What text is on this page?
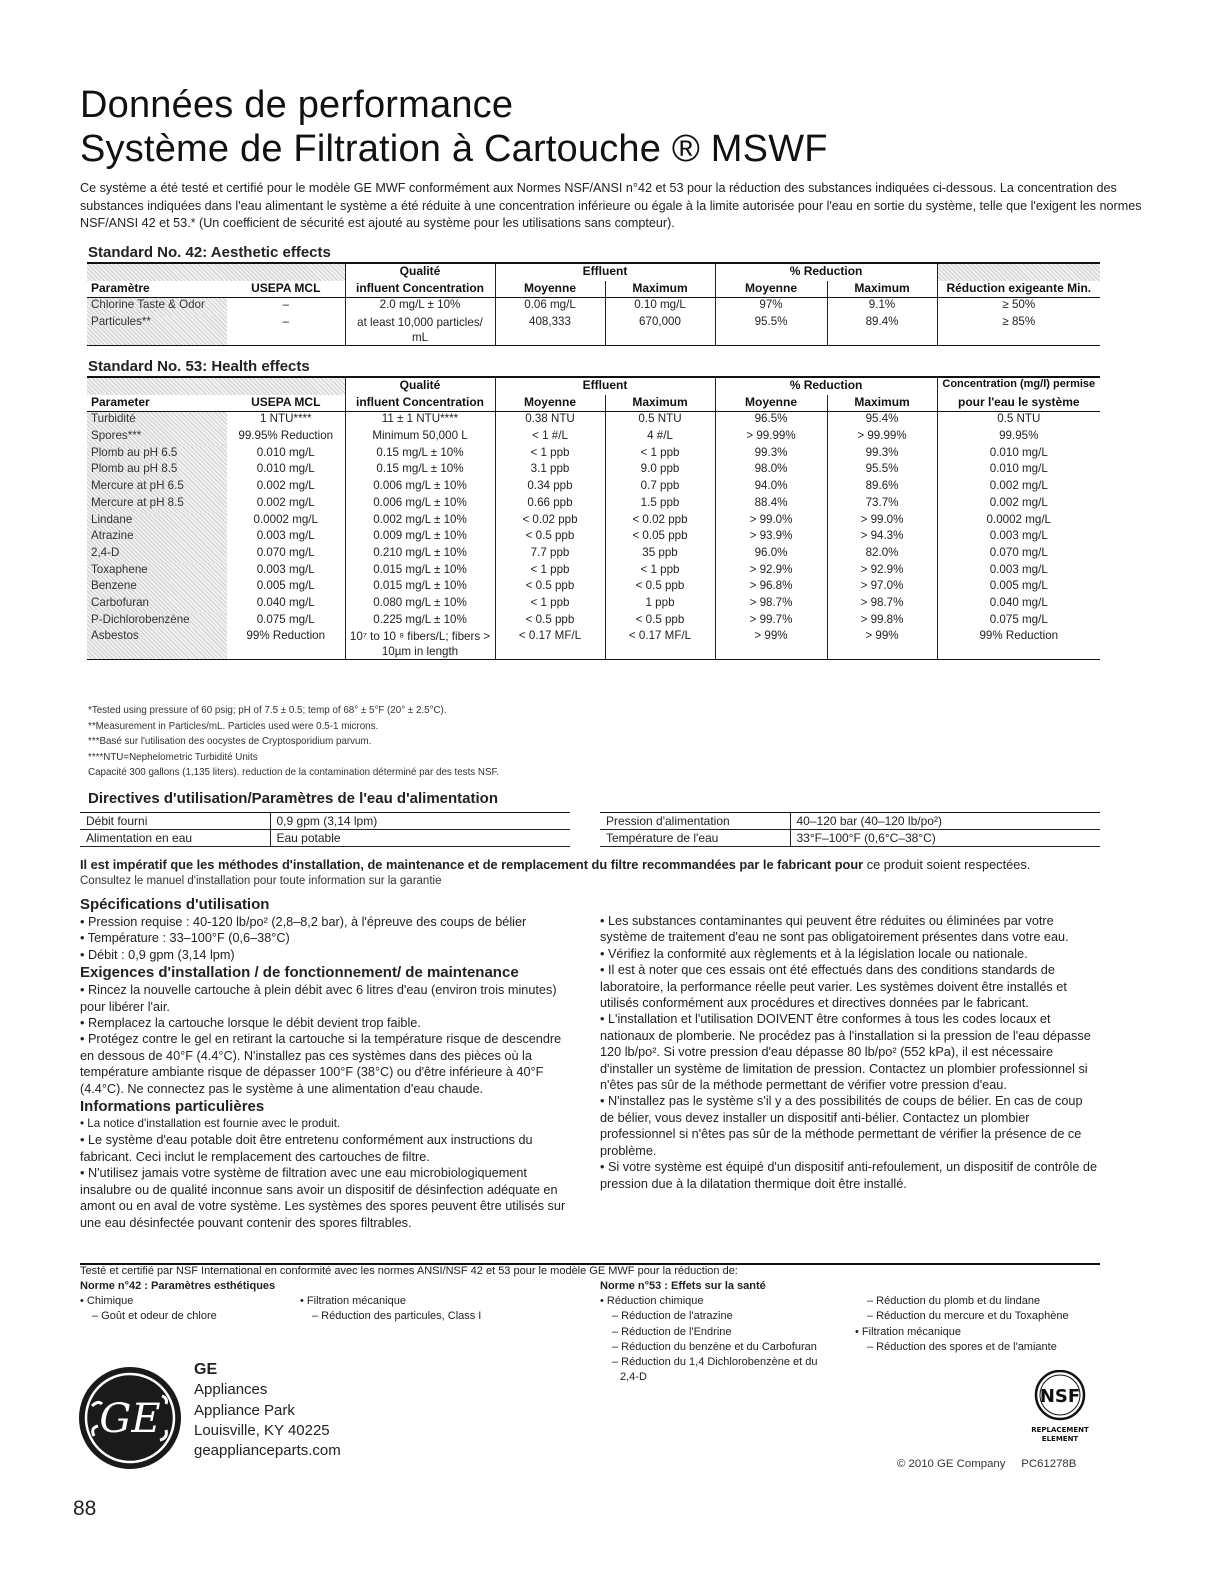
Données de performance
Système de Filtration à Cartouche ® MSWF

Ce système a été testé et certifié pour le modèle GE MWF conformément aux Normes NSF/ANSI n°42 et 53 pour la réduction des substances indiquées ci-dessous. La concentration des substances indiquées dans l'eau alimentant le système a été réduite à une concentration inférieure ou égale à la limite autorisée pour l'eau en sortie du système, telle que l'exigent les normes NSF/ANSI 42 et 53.* (Un coefficient de sécurité est ajouté au système pour les utilisations sans compteur).

Standard No. 42: Aesthetic effects
		Qualité	Effluent		% Reduction		
Paramètre	USEPA MCL	influent Concentration	Moyenne	Maximum	Moyenne	Maximum	Réduction exigeante Min.
Chlorine Taste & Odor	–	2.0 mg/L ± 10%	0.06 mg/L	0.10 mg/L	97%	9.1%	≥ 50%
Particules**	–	at least 10,000 particles/ mL	408,333	670,000	95.5%	89.4%	≥ 85%
Standard No. 53: Health effects
		Qualité	Effluent		% Reduction		Concentration (mg/l) permise
Parameter	USEPA MCL	influent Concentration	Moyenne	Maximum	Moyenne	Maximum	pour l'eau le système
Turbidité	1 NTU****	11 ± 1 NTU****	0.38 NTU	0.5 NTU	96.5%	95.4%	0.5 NTU
Spores***	99.95% Reduction	Minimum 50,000 L	< 1 #/L	4 #/L	> 99.99%	> 99.99%	99.95%
Plomb au pH 6.5	0.010 mg/L	0.15 mg/L ± 10%	< 1 ppb	< 1 ppb	99.3%	99.3%	0.010 mg/L
Plomb au pH 8.5	0.010 mg/L	0.15 mg/L ± 10%	3.1 ppb	9.0 ppb	98.0%	95.5%	0.010 mg/L
Mercure at pH 6.5	0.002 mg/L	0.006 mg/L ± 10%	0.34 ppb	0.7 ppb	94.0%	89.6%	0.002 mg/L
Mercure at pH 8.5	0.002 mg/L	0.006 mg/L ± 10%	0.66 ppb	1.5 ppb	88.4%	73.7%	0.002 mg/L
Lindane	0.0002 mg/L	0.002 mg/L ± 10%	< 0.02 ppb	< 0.02 ppb	> 99.0%	> 99.0%	0.0002 mg/L
Atrazine	0.003 mg/L	0.009 mg/L ± 10%	< 0.5 ppb	< 0.05 ppb	> 93.9%	> 94.3%	0.003 mg/L
2,4-D	0.070 mg/L	0.210 mg/L ± 10%	7.7 ppb	35 ppb	96.0%	82.0%	0.070 mg/L
Toxaphene	0.003 mg/L	0.015 mg/L ± 10%	< 1 ppb	< 1 ppb	> 92.9%	> 92.9%	0.003 mg/L
Benzene	0.005 mg/L	0.015 mg/L ± 10%	< 0.5 ppb	< 0.5 ppb	> 96.8%	> 97.0%	0.005 mg/L
Carbofuran	0.040 mg/L	0.080 mg/L ± 10%	< 1 ppb	1 ppb	> 98.7%	> 98.7%	0.040 mg/L
P-Dichlorobenzène	0.075 mg/L	0.225 mg/L ± 10%	< 0.5 ppb	< 0.5 ppb	> 99.7%	> 99.8%	0.075 mg/L
Asbestos	99% Reduction	10⁷ to 10 ⁸ fibers/L; fibers > 10µm in length	< 0.17 MF/L	< 0.17 MF/L	> 99%	> 99%	99% Reduction
*Tested using pressure of 60 psig; pH of 7.5 ± 0.5; temp of 68° ± 5°F (20° ± 2.5°C).
**Measurement in Particles/mL. Particles used were 0.5-1 microns.
***Basé sur l'utilisation des oocystes de Cryptosporidium parvum.
****NTU=Nephelometric Turbidité Units
Capacité 300 gallons (1,135 liters). reduction de la contamination déterminé par des tests NSF.
Directives d'utilisation/Paramètres de l'eau d'alimentation
Débit fourni	0,9 gpm (3,14 lpm)
Alimentation en eau	Eau potable
Pression d'alimentation	40–120 bar (40–120 lb/po²)
Température de l'eau	33°F–100°F (0,6°C–38°C)
Il est impératif que les méthodes d'installation, de maintenance et de remplacement du filtre recommandées par le fabricant pour ce produit soient respectées.
Consultez le manuel d'installation pour toute information sur la garantie
Spécifications d'utilisation
• Pression requise : 40-120 lb/po² (2,8–8,2 bar), à l'épreuve des coups de bélier
• Température : 33–100°F (0,6–38°C)
• Débit : 0,9 gpm (3,14 lpm)
Exigences d'installation / de fonctionnement/ de maintenance
• Rincez la nouvelle cartouche à plein débit avec 6 litres d'eau (environ trois minutes) pour libérer l'air.
• Remplacez la cartouche lorsque le débit devient trop faible.
• Protégez contre le gel en retirant la cartouche si la température risque de descendre en dessous de 40°F (4.4°C). N'installez pas ces systèmes dans des pièces où la température ambiante risque de dépasser 100°F (38°C) ou d'être inférieure à 40°F (4.4°C). Ne connectez pas le système à une alimentation d'eau chaude.
Informations particulières
• La notice d'installation est fournie avec le produit.
• Le système d'eau potable doit être entretenu conformément aux instructions du fabricant. Ceci inclut le remplacement des cartouches de filtre.
• N'utilisez jamais votre système de filtration avec une eau microbiologiquement insalubre ou de qualité inconnue sans avoir un dispositif de désinfection adéquate en amont ou en aval de votre système. Les systèmes des spores peuvent être utilisés sur une eau désinfectée pouvant contenir des spores filtrables.
• Les substances contaminantes qui peuvent être réduites ou éliminées par votre système de traitement d'eau ne sont pas obligatoirement présentes dans votre eau.
• Vérifiez la conformité aux règlements et à la législation locale ou nationale.
• Il est à noter que ces essais ont été effectués dans des conditions standards de laboratoire, la performance réelle peut varier. Les systèmes doivent être installés et utilisés conformément aux procédures et directives données par le fabricant.
• L'installation et l'utilisation DOIVENT être conformes à tous les codes locaux et nationaux de plomberie. Ne procédez pas à l'installation si la pression de l'eau dépasse 120 lb/po². Si votre pression d'eau dépasse 80 lb/po² (552 kPa), il est nécessaire d'installer un système de limitation de pression. Contactez un plombier professionnel si n'êtes pas sûr de la méthode permettant de vérifier votre pression d'eau.
• N'installez pas le système s'il y a des possibilités de coups de bélier. En cas de coup de bélier, vous devez installer un dispositif anti-bélier. Contactez un plombier professionnel si n'êtes pas sûr de la méthode permettant de vérifier la présence de ce problème.
• Si votre système est équipé d'un dispositif anti-refoulement, un dispositif de contrôle de pression due à la dilatation thermique doit être installé.
Testé et certifié par NSF International en conformité avec les normes ANSI/NSF 42 et 53 pour le modèle GE MWF pour la réduction de:
Norme n°42 : Paramètres esthétiques
• Chimique
– Goût et odeur de chlore
• Filtration mécanique
– Réduction des particules, Class I
Norme n°53 : Effets sur la santé
• Réduction chimique
– Réduction de l'atrazine
– Réduction de l'Endrine
– Réduction du benzène et du Carbofuran
– Réduction du 1,4 Dichlorobenzène et du
2,4-D
– Réduction du plomb et du lindane
– Réduction du mercure et du Toxaphène
• Filtration mécanique
– Réduction des spores et de l'amiante
GE
GE
Appliances
Appliance Park
Louisville, KY 40225
geapplianceparts.com
NSF
REPLACEMENT
ELEMENT
© 2010 GE Company     PC61278B
88
